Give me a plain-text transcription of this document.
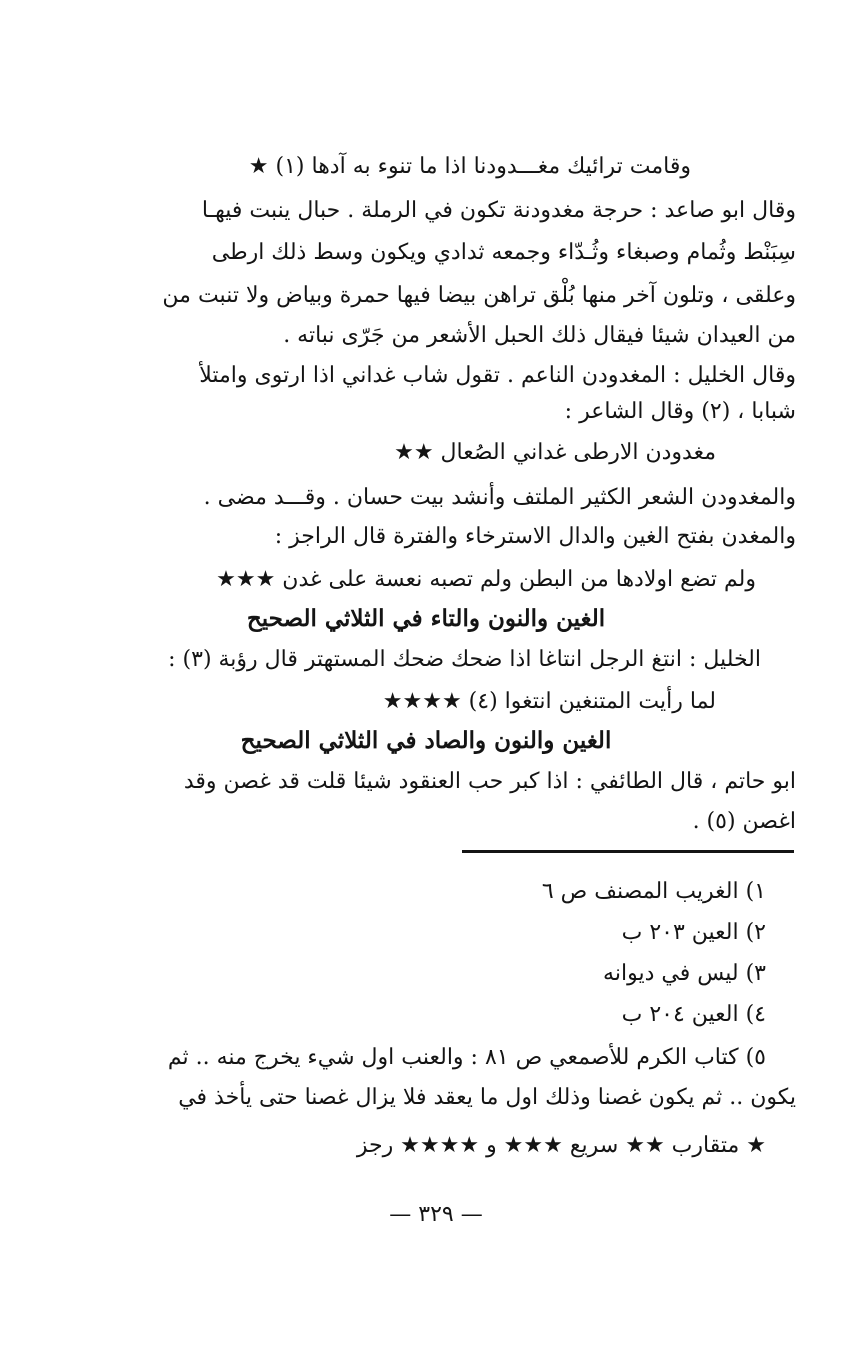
وقامت ترائيك مغـــدودنا اذا ما تنوء به آدها (١) ★
وقال ابو صاعد : حرجة مغدودنة تكون في الرملة . حبال ينبت فيهـا
سِبَنْط وثُمام وصبغاء وثُـدّاء وجمعه ثدادي ويكون وسط ذلك ارطى
وعلقى ، وتلون آخر منها بُلْق تراهن بيضا فيها حمرة وبياض ولا تنبت من
من العيدان شيئا فيقال ذلك الحبل الأشعر من جَرّى نباته .
وقال الخليل : المغدودن الناعم . تقول شاب غداني اذا ارتوى وامتلأ
شبابا ، (٢) وقال الشاعر :
مغدودن الارطى غداني الصُعال ★★
والمغدودن الشعر الكثير الملتف وأنشد بيت حسان . وقـــد مضى .
والمغدن بفتح الغين والدال الاسترخاء والفترة قال الراجز :
ولم تضع اولادها من البطن ولم تصبه نعسة على غدن ★★★
الغين والنون والتاء في الثلاثي الصحيح
الخليل : انتغ الرجل انتاغا اذا ضحك ضحك المستهتر قال رؤبة (٣) :
لما رأيت المتنغين انتغوا (٤) ★★★★
الغين والنون والصاد في الثلاثي الصحيح
ابو حاتم ، قال الطائفي : اذا كبر حب العنقود شيئا قلت قد غصن وقد
اغصن (٥) .
١) الغريب المصنف ص ٦
٢) العين ٢٠٣ ب
٣) ليس في ديوانه
٤) العين ٢٠٤ ب
٥) كتاب الكرم للأصمعي ص ٨١ : والعنب اول شيء يخرج منه .. ثم
يكون .. ثم يكون غصنا وذلك اول ما يعقد فلا يزال غصنا حتى يأخذ في
★ متقارب ★★ سريع ★★★ و ★★★★ رجز
— ٣٢٩ —
